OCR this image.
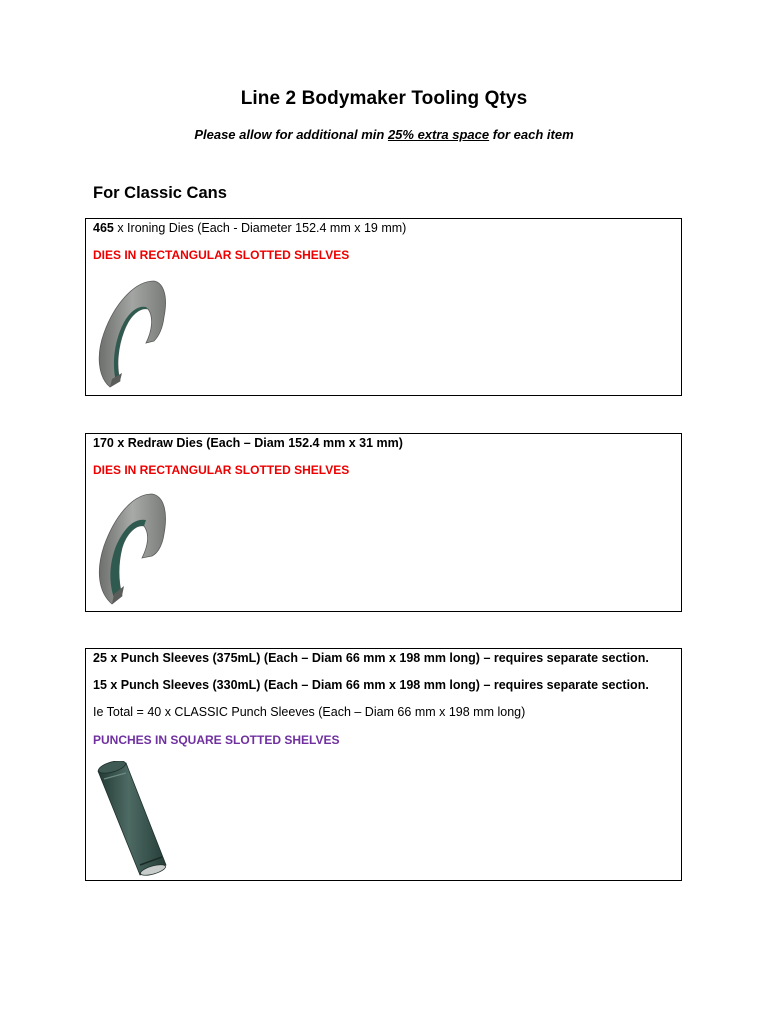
Line 2 Bodymaker Tooling Qtys
Please allow for additional min 25% extra space for each item
For Classic Cans
465 x Ironing Dies (Each - Diameter 152.4 mm x 19 mm)
DIES IN RECTANGULAR SLOTTED SHELVES
170 x Redraw Dies (Each – Diam 152.4 mm x 31 mm)
DIES IN RECTANGULAR SLOTTED SHELVES
25 x Punch Sleeves (375mL) (Each – Diam 66 mm x 198 mm long) – requires separate section.
15 x Punch Sleeves (330mL) (Each – Diam 66 mm x 198 mm long) – requires separate section.
Ie Total = 40 x CLASSIC Punch Sleeves (Each – Diam 66 mm x 198 mm long)
PUNCHES IN SQUARE SLOTTED SHELVES
